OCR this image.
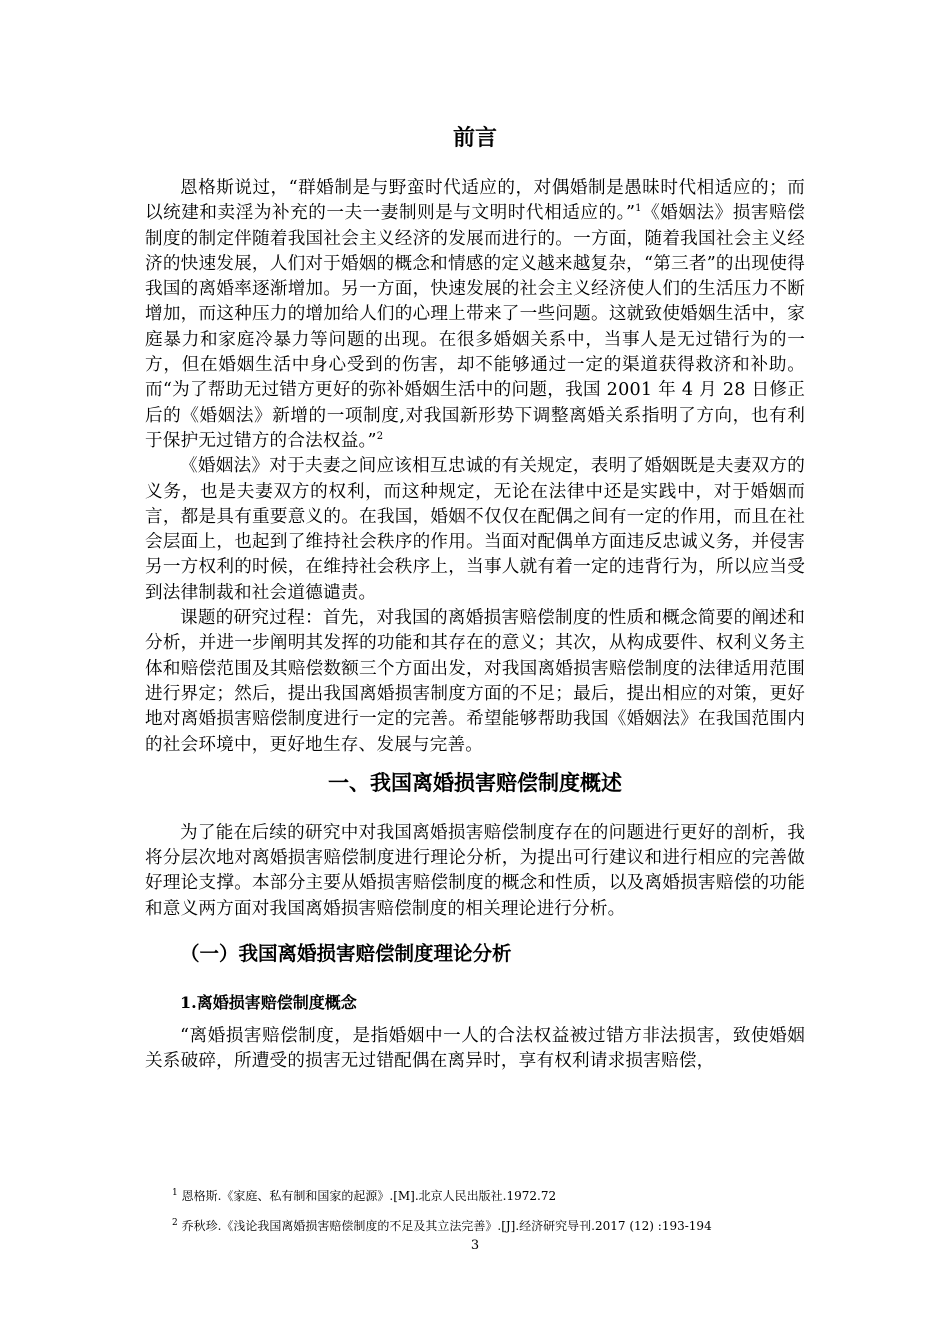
前言

恩格斯说过，“群婚制是与野蛮时代适应的，对偶婚制是愚昧时代相适应的；而以统建和卖淫为补充的一夫一妻制则是与文明时代相适应的。”$^1$《婚姻法》损害赔偿制度的制定伴随着我国社会主义经济的发展而进行的。一方面，随着我国社会主义经济的快速发展，人们对于婚姻的概念和情感的定义越来越复杂，“第三者”的出现使得我国的离婚率逐渐增加。另一方面，快速发展的社会主义经济使人们的生活压力不断增加，而这种压力的增加给人们的心理上带来了一些问题。这就致使婚姻生活中，家庭暴力和家庭冷暴力等问题的出现。在很多婚姻关系中，当事人是无过错行为的一方，但在婚姻生活中身心受到的伤害，却不能够通过一定的渠道获得救济和补助。而“为了帮助无过错方更好的弥补婚姻生活中的问题，我国 2001 年 4 月 28 日修正后的《婚姻法》新增的一项制度,对我国新形势下调整离婚关系指明了方向，也有利于保护无过错方的合法权益。”$^2$

《婚姻法》对于夫妻之间应该相互忠诚的有关规定，表明了婚姻既是夫妻双方的义务，也是夫妻双方的权利，而这种规定，无论在法律中还是实践中，对于婚姻而言，都是具有重要意义的。在我国，婚姻不仅仅在配偶之间有一定的作用，而且在社会层面上，也起到了维持社会秩序的作用。当面对配偶单方面违反忠诚义务，并侵害另一方权利的时候，在维持社会秩序上，当事人就有着一定的违背行为，所以应当受到法律制裁和社会道德谴责。

课题的研究过程：首先，对我国的离婚损害赔偿制度的性质和概念简要的阐述和分析，并进一步阐明其发挥的功能和其存在的意义；其次，从构成要件、权利义务主体和赔偿范围及其赔偿数额三个方面出发，对我国离婚损害赔偿制度的法律适用范围进行界定；然后，提出我国离婚损害制度方面的不足；最后，提出相应的对策，更好地对离婚损害赔偿制度进行一定的完善。希望能够帮助我国《婚姻法》在我国范围内的社会环境中，更好地生存、发展与完善。

一、我国离婚损害赔偿制度概述

为了能在后续的研究中对我国离婚损害赔偿制度存在的问题进行更好的剖析，我将分层次地对离婚损害赔偿制度进行理论分析，为提出可行建议和进行相应的完善做好理论支撑。本部分主要从婚损害赔偿制度的概念和性质，以及离婚损害赔偿的功能和意义两方面对我国离婚损害赔偿制度的相关理论进行分析。

（一）我国离婚损害赔偿制度理论分析
1.离婚损害赔偿制度概念

“离婚损害赔偿制度，是指婚姻中一人的合法权益被过错方非法损害，致使婚姻关系破碎，所遭受的损害无过错配偶在离异时，享有权利请求损害赔偿，

$^1$ 恩格斯.《家庭、私有制和国家的起源》.[M].北京人民出版社.1972.72

$^2$ 乔秋珍.《浅论我国离婚损害赔偿制度的不足及其立法完善》.[J].经济研究导刊.2017 (12) :193-194

3
